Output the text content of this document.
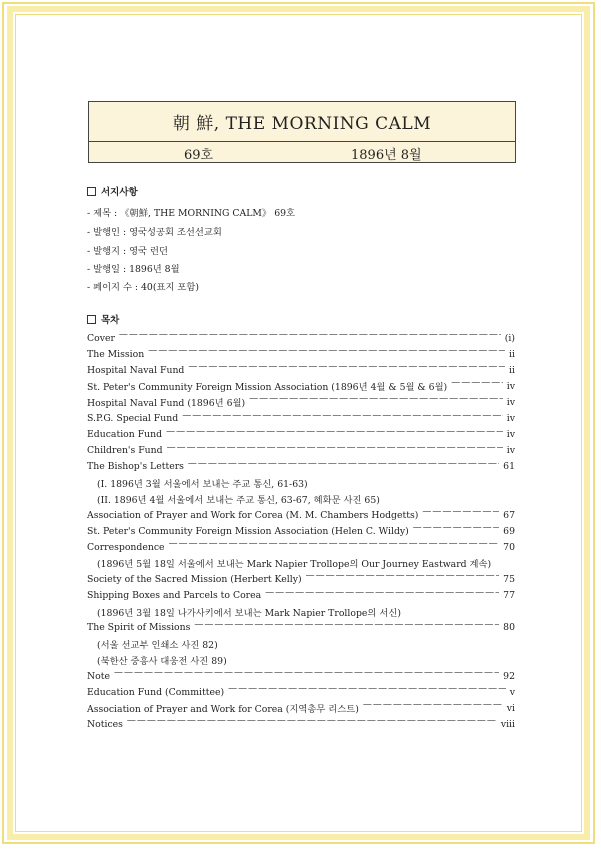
朝 鮮, THE MORNING CALM
69호	1896년 8월
서지사항
- 제목 : 《朝鮮, THE MORNING CALM》 69호
- 발행인 : 영국성공회 조선선교회
- 발행지 : 영국 런던
- 발행일 : 1896년 8월
- 페이지 수 : 40(표지 포함)
목차
Cover —————	(i)
The Mission —————	ii
Hospital Naval Fund —————	ii
St. Peter's Community Foreign Mission Association (1896년 4월 & 5월 & 6월) —————	iv
Hospital Naval Fund (1896년 6월) —————	iv
S.P.G. Special Fund —————	iv
Education Fund —————	iv
Children's Fund —————	iv
The Bishop's Letters —————	61
(I. 1896년 3월 서울에서 보내는 주교 통신, 61-63)
(II. 1896년 4월 서울에서 보내는 주교 통신, 63-67, 혜화문 사진 65)
Association of Prayer and Work for Corea (M. M. Chambers Hodgetts) —————	67
St. Peter's Community Foreign Mission Association (Helen C. Wildy) —————	69
Correspondence —————	70
(1896년 5월 18일 서울에서 보내는 Mark Napier Trollope의 Our Journey Eastward 계속)
Society of the Sacred Mission (Herbert Kelly) —————	75
Shipping Boxes and Parcels to Corea —————	77
(1896년 3월 18일 나가사키에서 보내는 Mark Napier Trollope의 서신)
The Spirit of Missions —————	80
(서울 선교부 인쇄소 사진 82)
(북한산 중흥사 대웅전 사진 89)
Note —————	92
Education Fund (Committee) —————	v
Association of Prayer and Work for Corea (지역총무 리스트) —————	vi
Notices —————	viii
